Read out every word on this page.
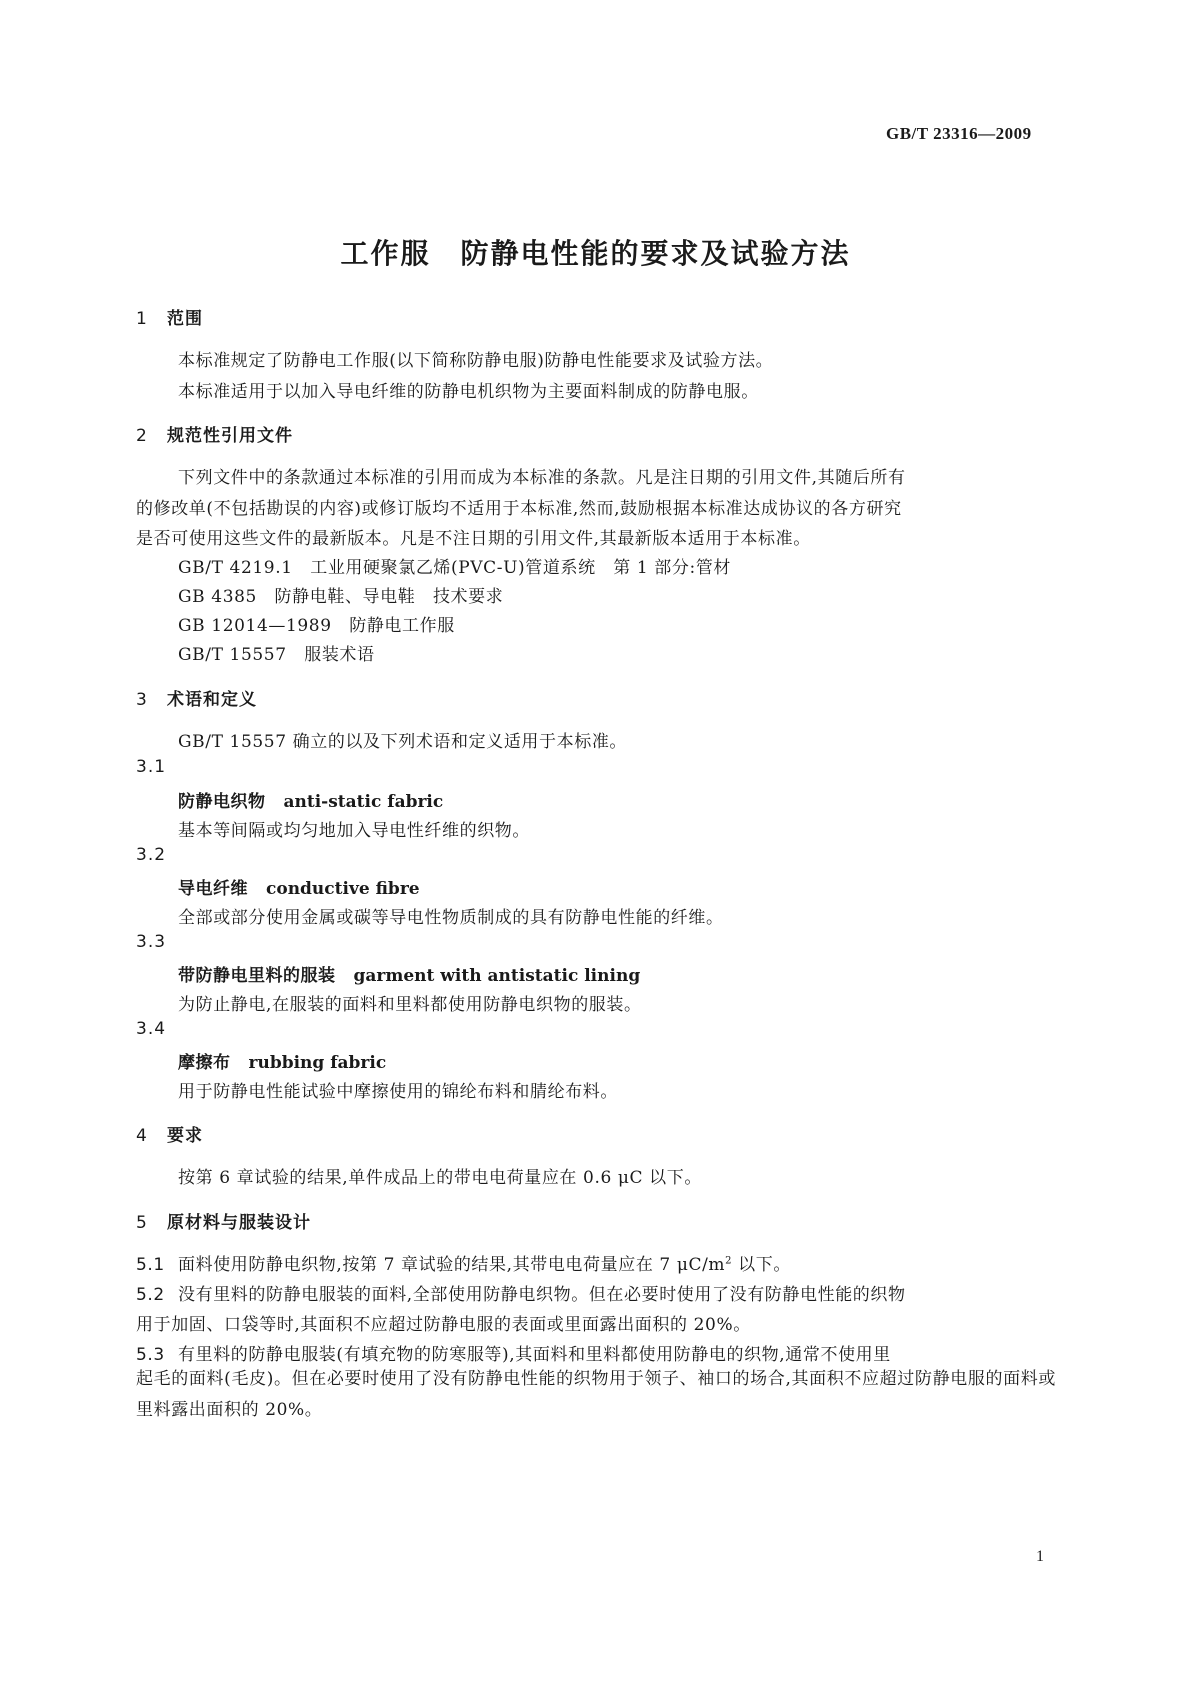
GB/T 23316—2009
工作服　防静电性能的要求及试验方法
1 范围
本标准规定了防静电工作服(以下简称防静电服)防静电性能要求及试验方法。
本标准适用于以加入导电纤维的防静电机织物为主要面料制成的防静电服。
2 规范性引用文件
下列文件中的条款通过本标准的引用而成为本标准的条款。凡是注日期的引用文件,其随后所有
的修改单(不包括勘误的内容)或修订版均不适用于本标准,然而,鼓励根据本标准达成协议的各方研究
是否可使用这些文件的最新版本。凡是不注日期的引用文件,其最新版本适用于本标准。
GB/T 4219.1　工业用硬聚氯乙烯(PVC-U)管道系统　第 1 部分:管材
GB 4385　防静电鞋、导电鞋　技术要求
GB 12014—1989　防静电工作服
GB/T 15557　服装术语
3 术语和定义
GB/T 15557 确立的以及下列术语和定义适用于本标准。
3.1
防静电织物 anti-static fabric
基本等间隔或均匀地加入导电性纤维的织物。
3.2
导电纤维 conductive fibre
全部或部分使用金属或碳等导电性物质制成的具有防静电性能的纤维。
3.3
带防静电里料的服装 garment with antistatic lining
为防止静电,在服装的面料和里料都使用防静电织物的服装。
3.4
摩擦布 rubbing fabric
用于防静电性能试验中摩擦使用的锦纶布料和腈纶布料。
4 要求
按第 6 章试验的结果,单件成品上的带电电荷量应在 0.6 μC 以下。
5 原材料与服装设计
5.1 面料使用防静电织物,按第 7 章试验的结果,其带电电荷量应在 7 $\mu C/m^2$ 以下。
5.2 没有里料的防静电服装的面料,全部使用防静电织物。但在必要时使用了没有防静电性能的织物
用于加固、口袋等时,其面积不应超过防静电服的表面或里面露出面积的 20%。
5.3 有里料的防静电服装(有填充物的防寒服等),其面料和里料都使用防静电的织物,通常不使用里
起毛的面料(毛皮)。但在必要时使用了没有防静电性能的织物用于领子、袖口的场合,其面积不应超过防静电服的面料或里料露出面积的 20%。
1
